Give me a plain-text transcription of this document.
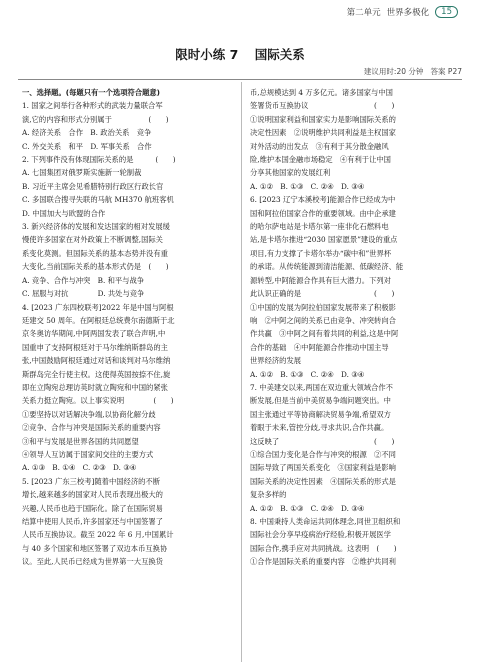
第二单元 世界多极化	15
限时小练 7 国际关系
建议用时:20 分钟 答案 P27

一、选择题。(每题只有一个选项符合题意)

1. 国家之间举行各种形式的武装力量联合军

演,它的内容和形式分别属于　　　　　(　　)

A. 经济关系　合作　B. 政治关系　竞争

C. 外交关系　和平　D. 军事关系　合作

2. 下列事件没有体现国际关系的是　　　(　　)

A. 七国集团对俄罗斯实施新一轮制裁

B. 习近平主席会见希腊特别行政区行政长官

C. 多国联合搜寻失联的马航 MH370 航班客机

D. 中国加大与欧盟的合作

3. 新兴经济体的发展和发达国家的相对发展缓

慢使许多国家在对外政策上不断调整,国际关

系变化莫测。但国际关系的基本态势并没有重

大变化,当前国际关系的基本形式仍是　(　　)

A. 竞争、合作与冲突　B. 和平与战争

C. 屈服与对抗　　　　D. 共处与竞争

4. [2023 广东四校联考]2022 年是中国与阿根

廷建交 50 周年。在阿根廷总统费尔南德斯于北

京冬奥访华期间,中阿两国发表了联合声明,中

国重申了支持阿根廷对于马尔维纳斯群岛的主

张,中国鼓励阿根廷通过对话和谈判对马尔维纳

斯群岛完全行使主权。这使得英国按捺不住,旋

即在立陶宛总理访英时就立陶宛和中国的紧张

关系力挺立陶宛。以上事实说明　　　　(　　)

①要坚持以对话解决争端,以协商化解分歧

②竞争、合作与冲突是国际关系的重要内容

③和平与发展是世界各国的共同愿望

④领导人互访属于国家间交往的主要方式

A. ①③　B. ①④　C. ②③　D. ③④

5. [2023 广东三校考]随着中国经济的不断

增长,越来越多的国家对人民币表现出极大的

兴趣,人民币也趋于国际化。除了在国际贸易

结算中使用人民币,许多国家还与中国签署了

人民币互换协议。截至 2022 年 6 月,中国累计

与 40 多个国家和地区签署了双边本币互换协

议。至此,人民币已经成为世界第一大互换货

币,总规模达到 4 万多亿元。诸多国家与中国

签署货币互换协议　　　　　　　　　(　　)

①说明国家利益和国家实力是影响国际关系的

决定性因素　②说明维护共同利益是主权国家

对外活动的出发点　③有利于其分散金融风

险,维护本国金融市场稳定　④有利于让中国

分享其他国家的发展红利

A. ①②　B. ①③　C. ②④　D. ③④

6. [2023 辽宁本溪校考]能源合作已经成为中

国和阿拉伯国家合作的重要领域。由中企承建

的哈尔萨电站是卡塔尔第一座非化石燃料电

站,是卡塔尔推进“2030 国家愿景”建设的重点

项目,有力支撑了卡塔尔举办“碳中和”世界杯

的承诺。从传统能源到清洁能源、低碳经济、能

源转型,中阿能源合作具有巨大潜力。下列对

此认识正确的是　　　　　　　　　　(　　)

①中国的发展为阿拉伯国家发展带来了积极影

响　②中阿之间的关系已由竞争、冲突转向合

作共赢　③中阿之间有着共同的利益,这是中阿

合作的基础　④中阿能源合作推动中国主导

世界经济的发展

A. ①②　B. ①③　C. ②④　D. ③④

7. 中美建交以来,两国在双边重大领域合作不

断发展,但是当前中美贸易争端问题突出。中

国主张通过平等协商解决贸易争端,希望双方

着眼于未来,管控分歧,寻求共识,合作共赢。

这反映了　　　　　　　　　　　　　(　　)

①综合国力变化是合作与冲突的根源　②不同

国际导致了两国关系变化　③国家利益是影响

国际关系的决定性因素　④国际关系的形式是

复杂多样的

A. ①②　B. ①③　C. ②④　D. ③④

8. 中国秉持人类命运共同体理念,同世卫组织和

国际社会分享早疫病治疗经验,积极开展医学

国际合作,携手应对共同挑战。这表明　(　　)

①合作是国际关系的重要内容　②维护共同利
